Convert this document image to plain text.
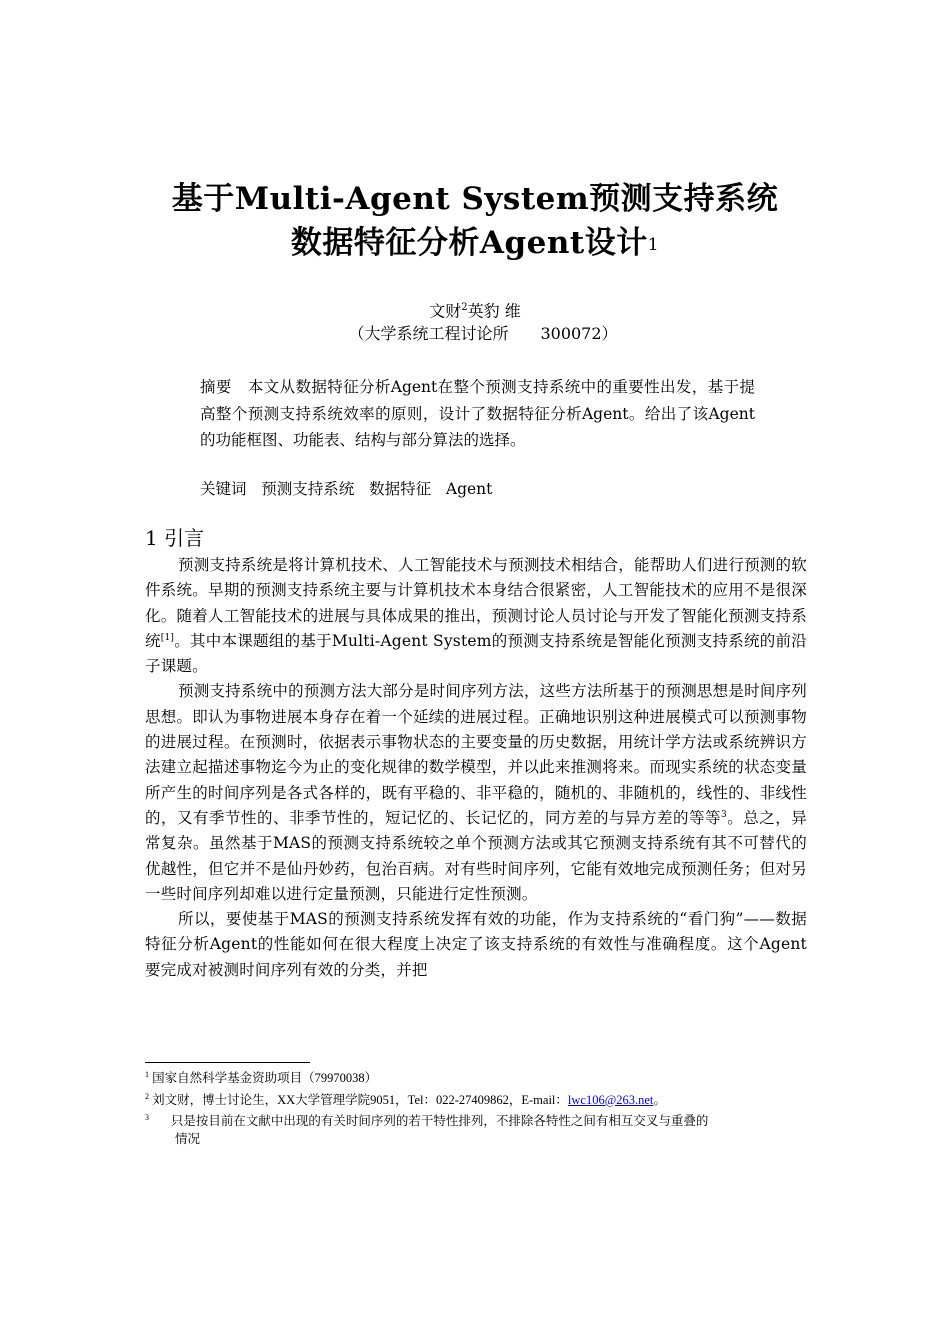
基于Multi-Agent System预测支持系统
数据特征分析Agent设计$^1$
文财$^2$英豹 维
（大学系统工程讨论所　　300072）
摘要 本文从数据特征分析Agent在整个预测支持系统中的重要性出发，基于提高整个预测支持系统效率的原则，设计了数据特征分析Agent。给出了该Agent的功能框图、功能表、结构与部分算法的选择。
关键词 预测支持系统 数据特征 Agent
1 引言

预测支持系统是将计算机技术、人工智能技术与预测技术相结合，能帮助人们进行预测的软件系统。早期的预测支持系统主要与计算机技术本身结合很紧密，人工智能技术的应用不是很深化。随着人工智能技术的进展与具体成果的推出，预测讨论人员讨论与开发了智能化预测支持系统[1]。其中本课题组的基于Multi-Agent System的预测支持系统是智能化预测支持系统的前沿子课题。

预测支持系统中的预测方法大部分是时间序列方法，这些方法所基于的预测思想是时间序列思想。即认为事物进展本身存在着一个延续的进展过程。正确地识别这种进展模式可以预测事物的进展过程。在预测时，依据表示事物状态的主要变量的历史数据，用统计学方法或系统辨识方法建立起描述事物迄今为止的变化规律的数学模型，并以此来推测将来。而现实系统的状态变量所产生的时间序列是各式各样的，既有平稳的、非平稳的，随机的、非随机的，线性的、非线性的，又有季节性的、非季节性的，短记忆的、长记忆的，同方差的与异方差的等等$^3$。总之，异常复杂。虽然基于MAS的预测支持系统较之单个预测方法或其它预测支持系统有其不可替代的优越性，但它并不是仙丹妙药，包治百病。对有些时间序列，它能有效地完成预测任务；但对另一些时间序列却难以进行定量预测，只能进行定性预测。

所以，要使基于MAS的预测支持系统发挥有效的功能，作为支持系统的“看门狗”——数据特征分析Agent的性能如何在很大程度上决定了该支持系统的有效性与准确程度。这个Agent 要完成对被测时间序列有效的分类，并把

$^1$ 国家自然科学基金资助项目（79970038）
$^2$ 刘文财，博士讨论生，XX大学管理学院9051，Tel：022-27409862，E-mail：lwc106@263.net。
$^3$ 只是按目前在文献中出现的有关时间序列的若干特性排列，不排除各特性之间有相互交叉与重叠的
情况
